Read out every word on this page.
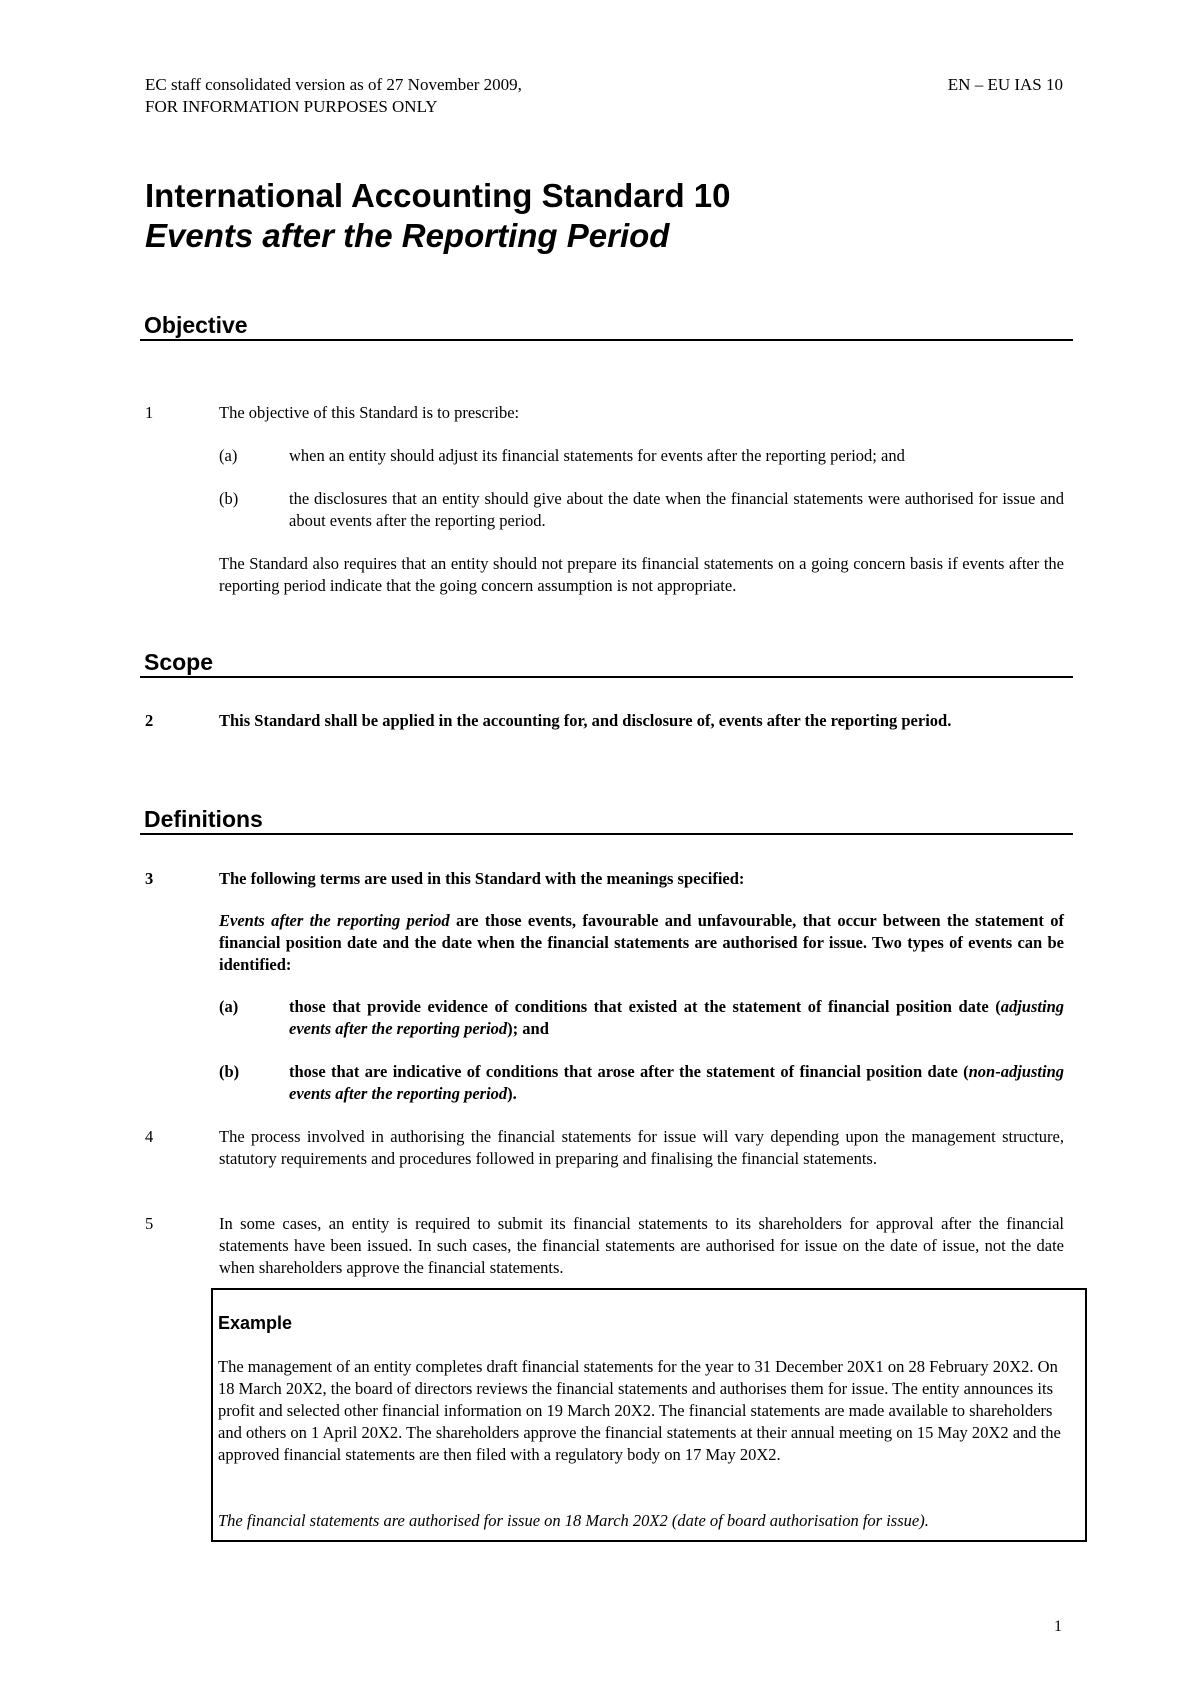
EC staff consolidated version as of 27 November 2009,
FOR INFORMATION PURPOSES ONLY
EN – EU IAS 10
International Accounting Standard 10
Events after the Reporting Period
Objective
1	The objective of this Standard is to prescribe:
(a)	when an entity should adjust its financial statements for events after the reporting period; and
(b)	the disclosures that an entity should give about the date when the financial statements were authorised for issue and about events after the reporting period.
The Standard also requires that an entity should not prepare its financial statements on a going concern basis if events after the reporting period indicate that the going concern assumption is not appropriate.
Scope
2	This Standard shall be applied in the accounting for, and disclosure of, events after the reporting period.
Definitions
3	The following terms are used in this Standard with the meanings specified:
Events after the reporting period are those events, favourable and unfavourable, that occur between the statement of financial position date and the date when the financial statements are authorised for issue. Two types of events can be identified:
(a)	those that provide evidence of conditions that existed at the statement of financial position date (adjusting events after the reporting period); and
(b)	those that are indicative of conditions that arose after the statement of financial position date (non-adjusting events after the reporting period).
4	The process involved in authorising the financial statements for issue will vary depending upon the management structure, statutory requirements and procedures followed in preparing and finalising the financial statements.
5	In some cases, an entity is required to submit its financial statements to its shareholders for approval after the financial statements have been issued. In such cases, the financial statements are authorised for issue on the date of issue, not the date when shareholders approve the financial statements.
Example
The management of an entity completes draft financial statements for the year to 31 December 20X1 on 28 February 20X2. On 18 March 20X2, the board of directors reviews the financial statements and authorises them for issue. The entity announces its profit and selected other financial information on 19 March 20X2. The financial statements are made available to shareholders and others on 1 April 20X2. The shareholders approve the financial statements at their annual meeting on 15 May 20X2 and the approved financial statements are then filed with a regulatory body on 17 May 20X2.
The financial statements are authorised for issue on 18 March 20X2 (date of board authorisation for issue).
1
